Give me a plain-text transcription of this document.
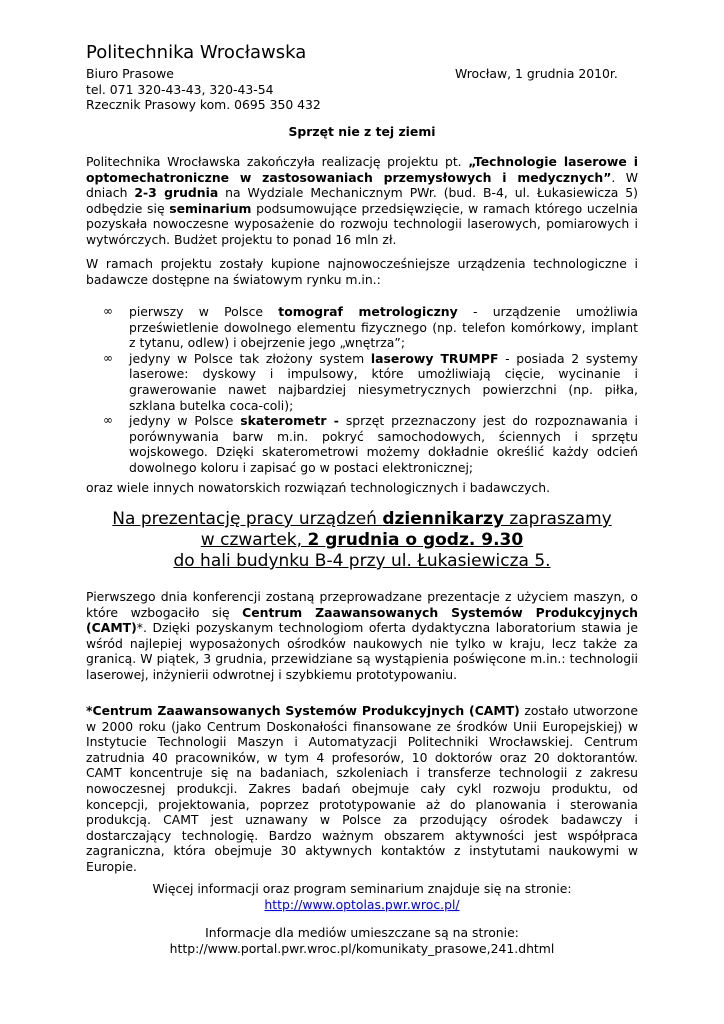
Politechnika Wrocławska
Biuro Prasowe	Wrocław, 1 grudnia 2010r.
tel. 071 320-43-43, 320-43-54
Rzecznik Prasowy kom. 0695 350 432
Sprzęt nie z tej ziemi
Politechnika Wrocławska zakończyła realizację projektu pt. „Technologie laserowe i optomechatroniczne w zastosowaniach przemysłowych i medycznych”. W dniach 2-3 grudnia na Wydziale Mechanicznym PWr. (bud. B-4, ul. Łukasiewicza 5) odbędzie się seminarium podsumowujące przedsięwzięcie, w ramach którego uczelnia pozyskała nowoczesne wyposażenie do rozwoju technologii laserowych, pomiarowych i wytwórczych. Budżet projektu to ponad 16 mln zł.
W ramach projektu zostały kupione najnowocześniejsze urządzenia technologiczne i badawcze dostępne na światowym rynku m.in.:
∞ pierwszy w Polsce tomograf metrologiczny - urządzenie umożliwia prześwietlenie dowolnego elementu fizycznego (np. telefon komórkowy, implant z tytanu, odlew) i obejrzenie jego „wnętrza”;
∞ jedyny w Polsce tak złożony system laserowy TRUMPF - posiada 2 systemy laserowe: dyskowy i impulsowy, które umożliwiają cięcie, wycinanie i grawerowanie nawet najbardziej niesymetrycznych powierzchni (np. piłka, szklana butelka coca-coli);
∞ jedyny w Polsce skaterometr - sprzęt przeznaczony jest do rozpoznawania i porównywania barw m.in. pokryć samochodowych, ściennych i sprzętu wojskowego. Dzięki skaterometrowi możemy dokładnie określić każdy odcień dowolnego koloru i zapisać go w postaci elektronicznej;
oraz wiele innych nowatorskich rozwiązań technologicznych i badawczych.
Na prezentację pracy urządzeń dziennikarzy zapraszamy
w czwartek, 2 grudnia o godz. 9.30
do hali budynku B-4 przy ul. Łukasiewicza 5.
Pierwszego dnia konferencji zostaną przeprowadzane prezentacje z użyciem maszyn, o które wzbogaciło się Centrum Zaawansowanych Systemów Produkcyjnych (CAMT)*. Dzięki pozyskanym technologiom oferta dydaktyczna laboratorium stawia je wśród najlepiej wyposażonych ośrodków naukowych nie tylko w kraju, lecz także za granicą. W piątek, 3 grudnia, przewidziane są wystąpienia poświęcone m.in.: technologii laserowej, inżynierii odwrotnej i szybkiemu prototypowaniu.
*Centrum Zaawansowanych Systemów Produkcyjnych (CAMT) zostało utworzone w 2000 roku (jako Centrum Doskonałości finansowane ze środków Unii Europejskiej) w Instytucie Technologii Maszyn i Automatyzacji Politechniki Wrocławskiej. Centrum zatrudnia 40 pracowników, w tym 4 profesorów, 10 doktorów oraz 20 doktorantów. CAMT koncentruje się na badaniach, szkoleniach i transferze technologii z zakresu nowoczesnej produkcji. Zakres badań obejmuje cały cykl rozwoju produktu, od koncepcji, projektowania, poprzez prototypowanie aż do planowania i sterowania produkcją. CAMT jest uznawany w Polsce za przodujący ośrodek badawczy i dostarczający technologię. Bardzo ważnym obszarem aktywności jest współpraca zagraniczna, która obejmuje 30 aktywnych kontaktów z instytutami naukowymi w Europie.
Więcej informacji oraz program seminarium znajduje się na stronie:
http://www.optolas.pwr.wroc.pl/
Informacje dla mediów umieszczane są na stronie:
http://www.portal.pwr.wroc.pl/komunikaty_prasowe,241.dhtml
